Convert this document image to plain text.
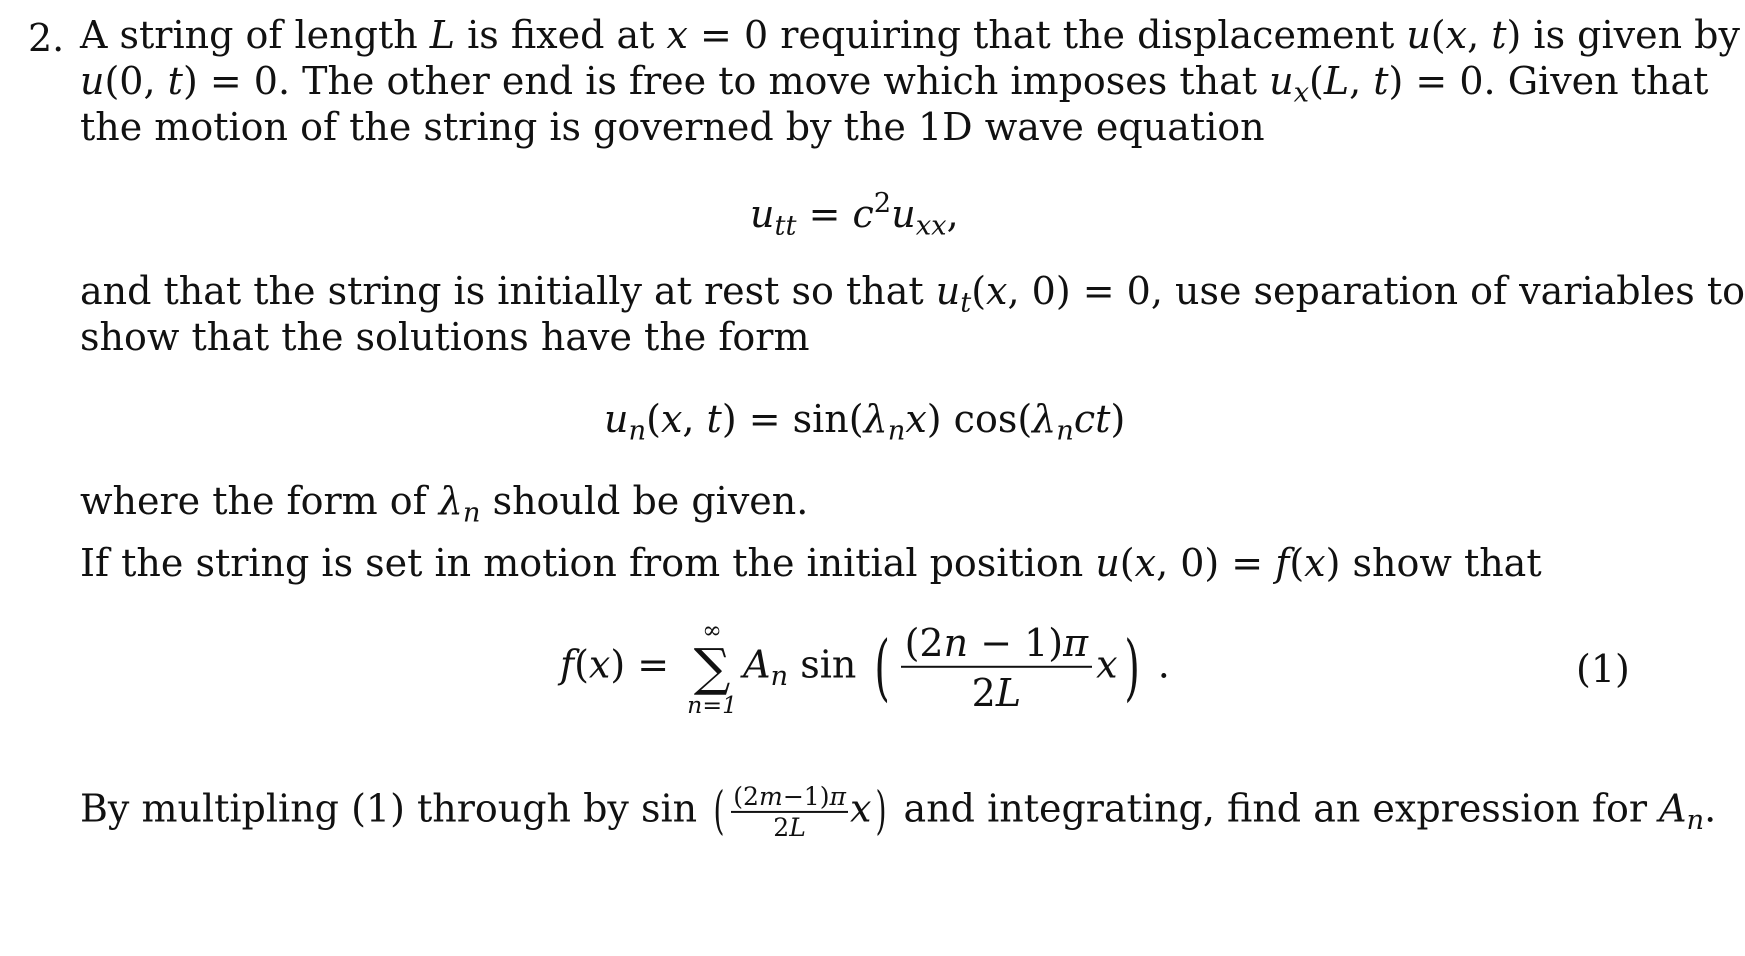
2. A string of length L is fixed at x = 0 requiring that the displacement u(x, t) is given by
u(0, t) = 0. The other end is free to move which imposes that $u_x(L$, t) = 0. Given that
the motion of the string is governed by the 1D wave equation
$u_{tt} = c^2u_{xx}$,
and that the string is initially at rest so that $u_t(x$, 0) = 0, use separation of variables to
show that the solutions have the form
$u_n(x$, $t) = \sin(\lambda_nx)$ $\cos(\lambda_nct)$
where the form of $\lambda_n$ should be given.
If the string is set in motion from the initial position u(x, 0) = f(x) show that
f(x) =
∞
∑
n=1
$A_n$ sin ( $\frac{(2n - 1)\pi}{2L} x$) .	(1)
By multipling (1) through by sin ( $\frac{(2m-1)\pi}{2L} x$) and integrating, find an expression for $A_n$.
